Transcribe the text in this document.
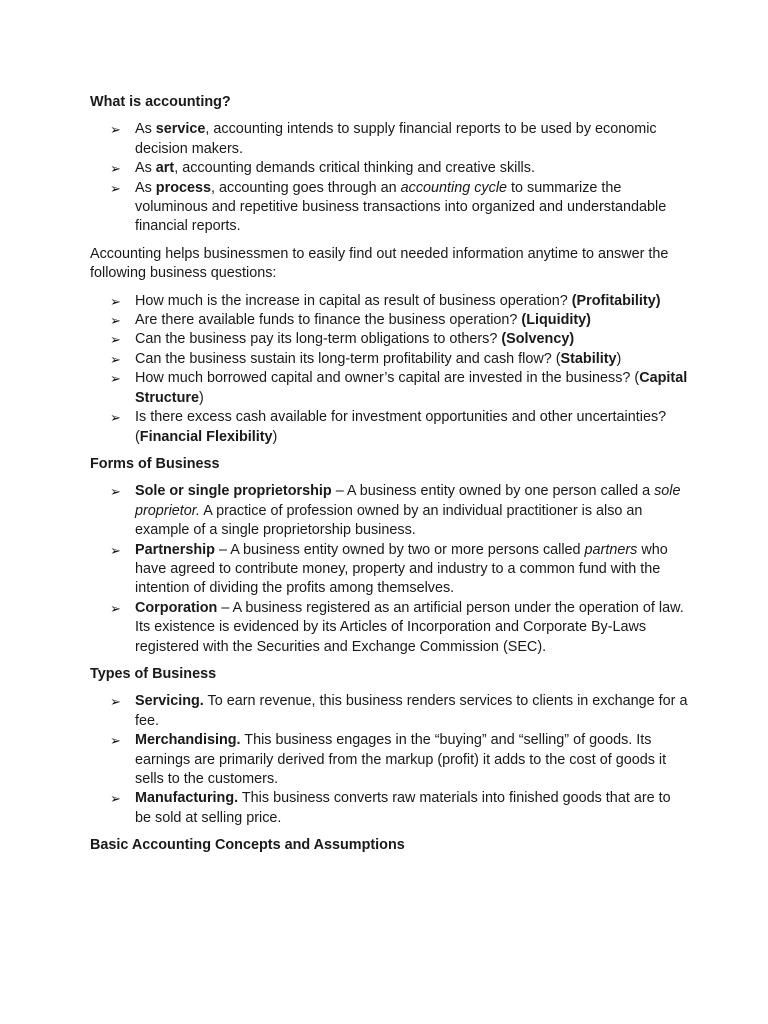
What is accounting?
➢ As service, accounting intends to supply financial reports to be used by economic decision makers.
➢ As art, accounting demands critical thinking and creative skills.
➢ As process, accounting goes through an accounting cycle to summarize the voluminous and repetitive business transactions into organized and understandable financial reports.

Accounting helps businessmen to easily find out needed information anytime to answer the following business questions:

➢ How much is the increase in capital as result of business operation? (Profitability)
➢ Are there available funds to finance the business operation? (Liquidity)
➢ Can the business pay its long-term obligations to others? (Solvency)
➢ Can the business sustain its long-term profitability and cash flow? (Stability)
➢ How much borrowed capital and owner’s capital are invested in the business? (Capital Structure)
➢ Is there excess cash available for investment opportunities and other uncertainties? (Financial Flexibility)
Forms of Business
➢ Sole or single proprietorship – A business entity owned by one person called a sole proprietor. A practice of profession owned by an individual practitioner is also an example of a single proprietorship business.
➢ Partnership – A business entity owned by two or more persons called partners who have agreed to contribute money, property and industry to a common fund with the intention of dividing the profits among themselves.
➢ Corporation – A business registered as an artificial person under the operation of law. Its existence is evidenced by its Articles of Incorporation and Corporate By-Laws registered with the Securities and Exchange Commission (SEC).
Types of Business
➢ Servicing. To earn revenue, this business renders services to clients in exchange for a fee.
➢ Merchandising. This business engages in the “buying” and “selling” of goods. Its earnings are primarily derived from the markup (profit) it adds to the cost of goods it sells to the customers.
➢ Manufacturing. This business converts raw materials into finished goods that are to be sold at selling price.
Basic Accounting Concepts and Assumptions
